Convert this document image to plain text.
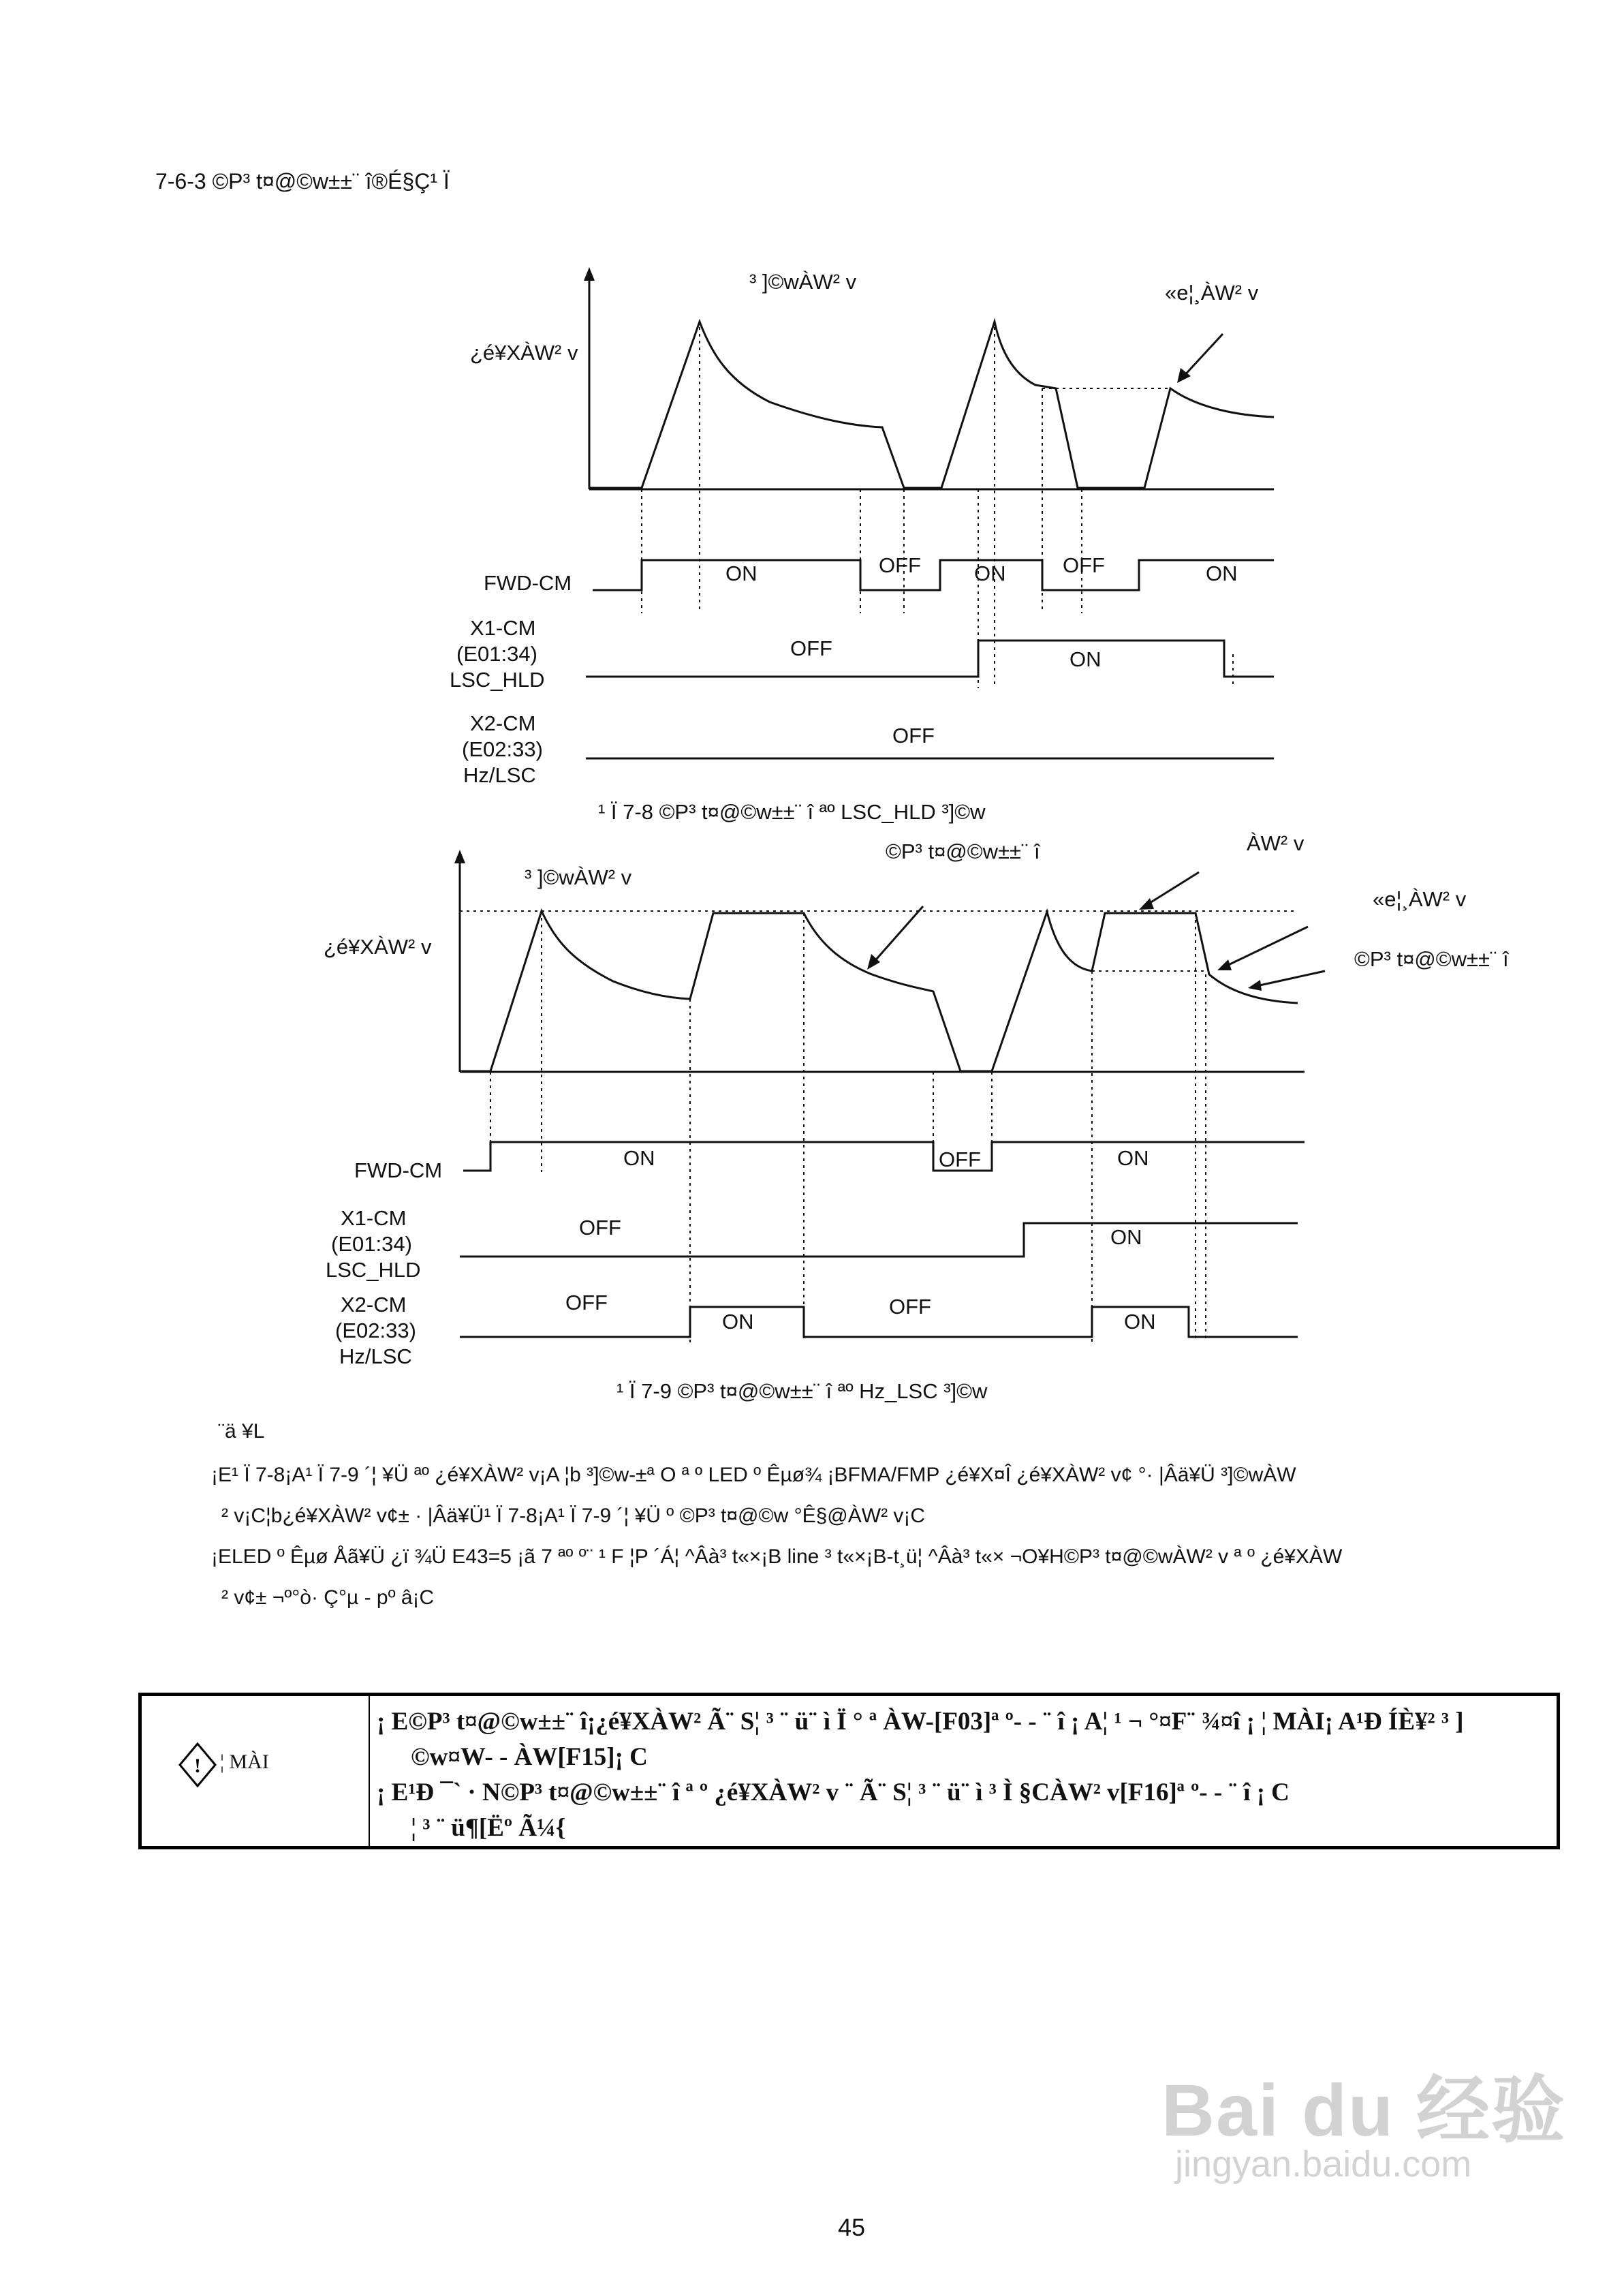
7-6-3 ©P³ t¤@©w±±¨ î®É§Ç¹ Ï
³ ]©wÀW² v
¿é¥XÀW² v
«e¦¸ÀW² v
FWD-CM	ON	OFF	ON	OFF	ON
X1-CM
(E01:34)
LSC_HLD
OFF	ON
X2-CM
(E02:33)
Hz/LSC
OFF
¹ Ï 7-8 ©P³ t¤@©w±±¨ î ªº LSC_HLD ³]©w
©P³ t¤@©w±±¨ î	ÀW² v
³ ]©wÀW² v
«e¦¸ÀW² v
¿é¥XÀW² v
©P³ t¤@©w±±¨ î
FWD-CM
ON	OFF	ON
X1-CM
(E01:34)
LSC_HLD
OFF	ON
X2-CM
(E02:33)
Hz/LSC
OFF
ON
OFF
ON
¹ Ï 7-9 ©P³ t¤@©w±±¨ î ªº Hz_LSC ³]©w
¨ä ¥L
¡E¹ Ï 7-8¡A¹ Ï 7-9 ´¦ ¥Ü ªº ¿é¥XÀW² v¡A ¦b ³]©w-±ª O ª º LED º Êµø¾ ¡BFMA/FMP ¿é¥X¤Î ¿é¥XÀW² v¢ °· |Âä¥Ü ³]©wÀW
² v¡C¦b¿é¥XÀW² v¢± · |Âä¥Ü¹ Ï 7-8¡A¹ Ï 7-9 ´¦ ¥Ü º ©P³ t¤@©w °Ê§@ÀW² v¡C
¡ELED º Êµø Åã¥Ü ¿ï ¾Ü E43=5 ¡ã 7 ªº º¨ ¹ F ¦P ´Á¦ ^Âà³ t«×¡B line ³ t«×¡B-t¸ü¦ ^Âà³ t«× ¬O¥H©P³ t¤@©wÀW² v ª º ¿é¥XÀW
² v¢± ¬º°ò· Ç°µ - pº â¡C
! ¦ MÀI
¡ E©P³ t¤@©w±±¨ î¡¿é¥XÀW² Ã¨ S¦ ³ ¨ ü¨ ì Ï ° ª ÀW-[F03]ª º- - ¨ î ¡ A¦ ¹ ¬ °¤F¨ ¾¤î ¡ ¦ MÀI¡ A¹Ð ÍÈ¥² ³ ]
©w¤W- - ÀW[F15]¡ C
¡ E¹Ð ¯` · N©P³ t¤@©w±±¨ î ª º ¿é¥XÀW² v ¨ Ã¨ S¦ ³ ¨ ü¨ ì ³ Ì §CÀW² v[F16]ª º- - ¨ î ¡ C
¦ ³ ¨ ü¶[Ëº Ã¼{
Bai du 经验
jingyan.baidu.com
45
